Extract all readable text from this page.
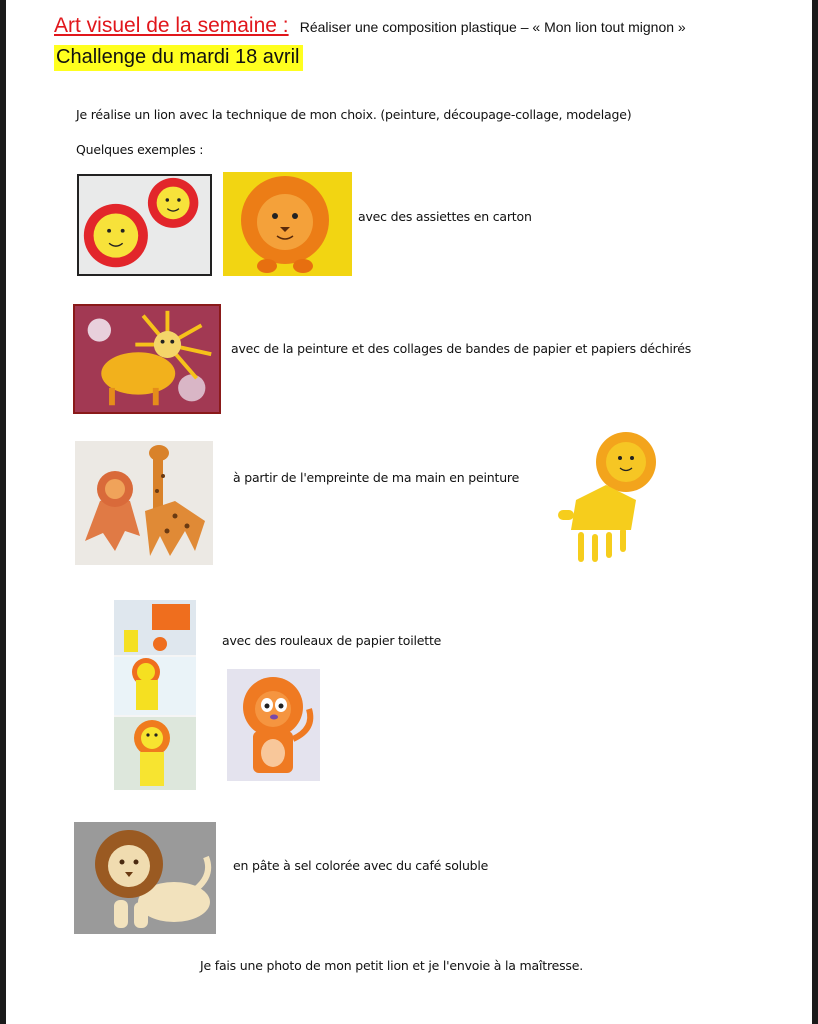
Art visuel de la semaine : Réaliser une composition plastique – « Mon lion tout mignon »
Challenge du mardi 18 avril
Je réalise un lion avec la technique de mon choix. (peinture, découpage-collage, modelage)
Quelques exemples :
avec des assiettes en carton
avec de la peinture et des collages de bandes de papier et papiers déchirés
à partir de l'empreinte de ma main en peinture
avec des rouleaux de papier toilette
en pâte à sel colorée avec du café soluble
Je fais une photo de mon petit lion et je l'envoie à la maîtresse.
